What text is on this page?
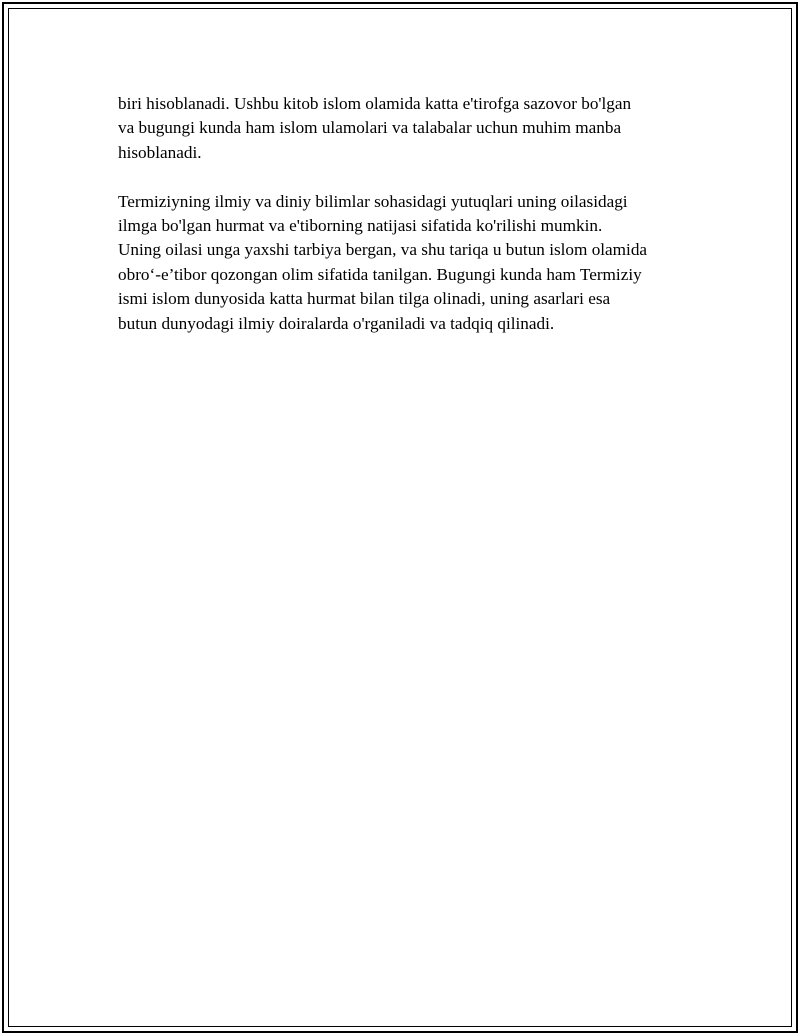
biri hisoblanadi. Ushbu kitob islom olamida katta e'tirofga sazovor bo'lgan
va bugungi kunda ham islom ulamolari va talabalar uchun muhim manba
hisoblanadi.

Termiziyning ilmiy va diniy bilimlar sohasidagi yutuqlari uning oilasidagi
ilmga bo'lgan hurmat va e'tiborning natijasi sifatida ko'rilishi mumkin.
Uning oilasi unga yaxshi tarbiya bergan, va shu tariqa u butun islom olamida
obro‘-e’tibor qozongan olim sifatida tanilgan. Bugungi kunda ham Termiziy
ismi islom dunyosida katta hurmat bilan tilga olinadi, uning asarlari esa
butun dunyodagi ilmiy doiralarda o'rganiladi va tadqiq qilinadi.
